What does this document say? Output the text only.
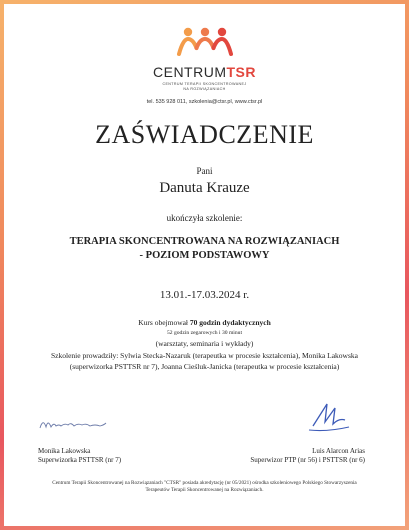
CENTRUMTSR
CENTRUM TERAPII SKONCENTROWANEJ
NA ROZWIĄZANIACH
tel. 535 928 011, szkolenia@ctsr.pl, www.ctsr.pl
ZAŚWIADCZENIE
Pani
Danuta Krauze
ukończyła szkolenie:
TERAPIA SKONCENTROWANA NA ROZWIĄZANIACH
- POZIOM PODSTAWOWY
13.01.-17.03.2024 r.
Kurs obejmował 70 godzin dydaktycznych
52 godzin zegarowych i 30 minut
(warsztaty, seminaria i wykłady)
Szkolenie prowadziły: Sylwia Stecka-Nazaruk (terapeutka w procesie kształcenia), Monika Lakowska (superwizorka PSTTSR nr 7), Joanna Cieśluk-Janicka (terapeutka w procesie kształcenia)
Monika Lakowska
Superwizorka PSTTSR (nr 7)
Luis Alarcon Arias
Superwizor PTP (nr 56) i PSTTSR (nr 6)
Centrum Terapii Skoncentrowanej na Rozwiązaniach "CTSR" posiada akredytację (nr 05/2021) ośrodka szkoleniowego Polskiego Stowarzyszenia Terapeutów Terapii Skoncentrowanej na Rozwiązaniach.
